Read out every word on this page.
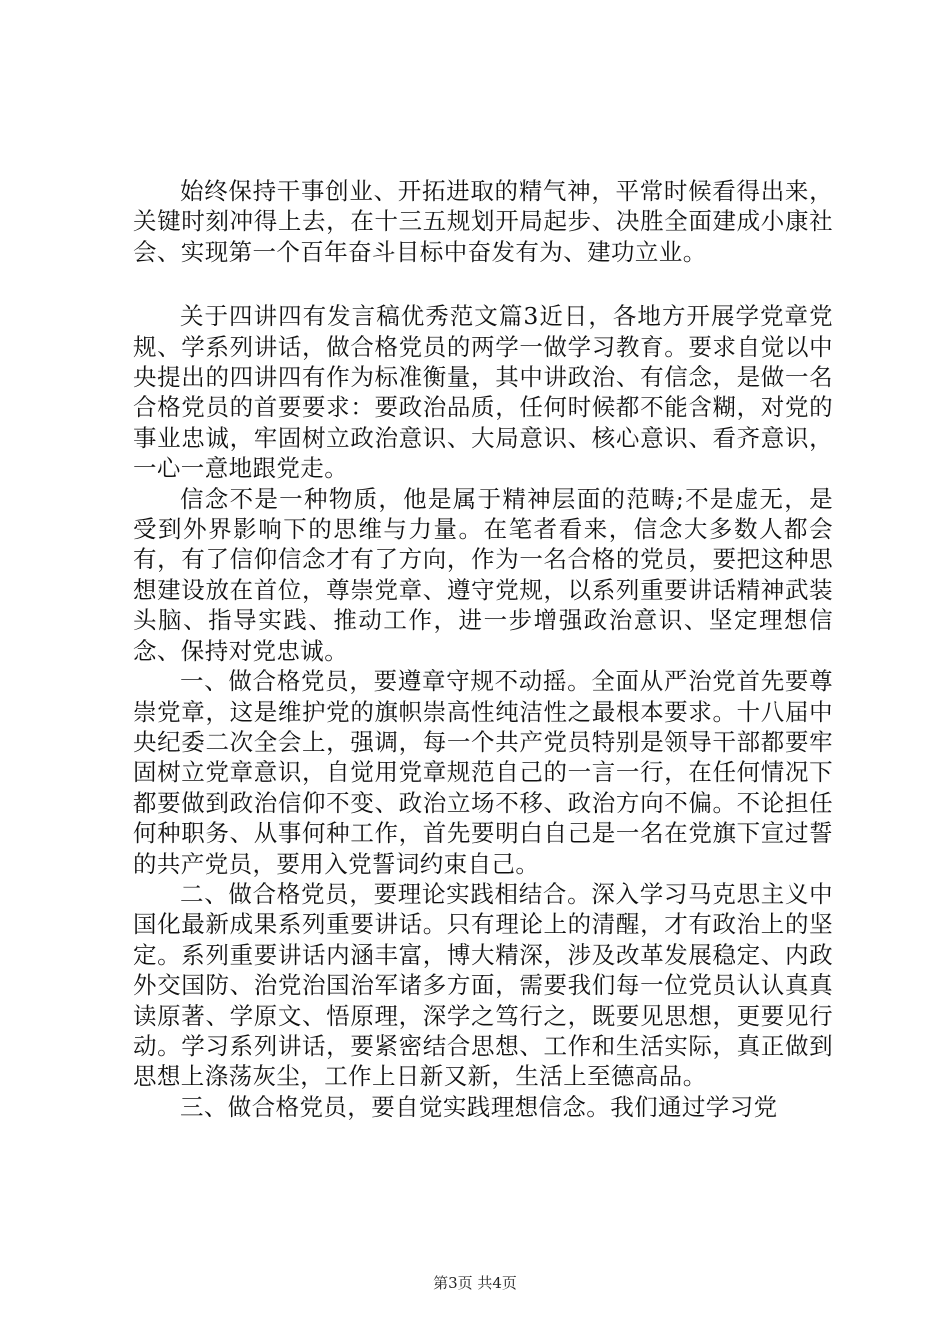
始终保持干事创业、开拓进取的精气神，平常时候看得出来，关键时刻冲得上去，在十三五规划开局起步、决胜全面建成小康社会、实现第一个百年奋斗目标中奋发有为、建功立业。

关于四讲四有发言稿优秀范文篇3近日，各地方开展学党章党规、学系列讲话，做合格党员的两学一做学习教育。要求自觉以中央提出的四讲四有作为标准衡量，其中讲政治、有信念，是做一名合格党员的首要要求：要政治品质，任何时候都不能含糊，对党的事业忠诚，牢固树立政治意识、大局意识、核心意识、看齐意识，一心一意地跟党走。

信念不是一种物质，他是属于精神层面的范畴;不是虚无，是受到外界影响下的思维与力量。在笔者看来，信念大多数人都会有，有了信仰信念才有了方向，作为一名合格的党员，要把这种思想建设放在首位，尊崇党章、遵守党规，以系列重要讲话精神武装头脑、指导实践、推动工作，进一步增强政治意识、坚定理想信念、保持对党忠诚。

一、做合格党员，要遵章守规不动摇。全面从严治党首先要尊崇党章，这是维护党的旗帜崇高性纯洁性之最根本要求。十八届中央纪委二次全会上，强调，每一个共产党员特别是领导干部都要牢固树立党章意识，自觉用党章规范自己的一言一行，在任何情况下都要做到政治信仰不变、政治立场不移、政治方向不偏。不论担任何种职务、从事何种工作，首先要明白自己是一名在党旗下宣过誓的共产党员，要用入党誓词约束自己。

二、做合格党员，要理论实践相结合。深入学习马克思主义中国化最新成果系列重要讲话。只有理论上的清醒，才有政治上的坚定。系列重要讲话内涵丰富，博大精深，涉及改革发展稳定、内政外交国防、治党治国治军诸多方面，需要我们每一位党员认认真真读原著、学原文、悟原理，深学之笃行之，既要见思想，更要见行动。学习系列讲话，要紧密结合思想、工作和生活实际，真正做到思想上涤荡灰尘，工作上日新又新，生活上至德高品。

三、做合格党员，要自觉实践理想信念。我们通过学习党

第3页 共4页
